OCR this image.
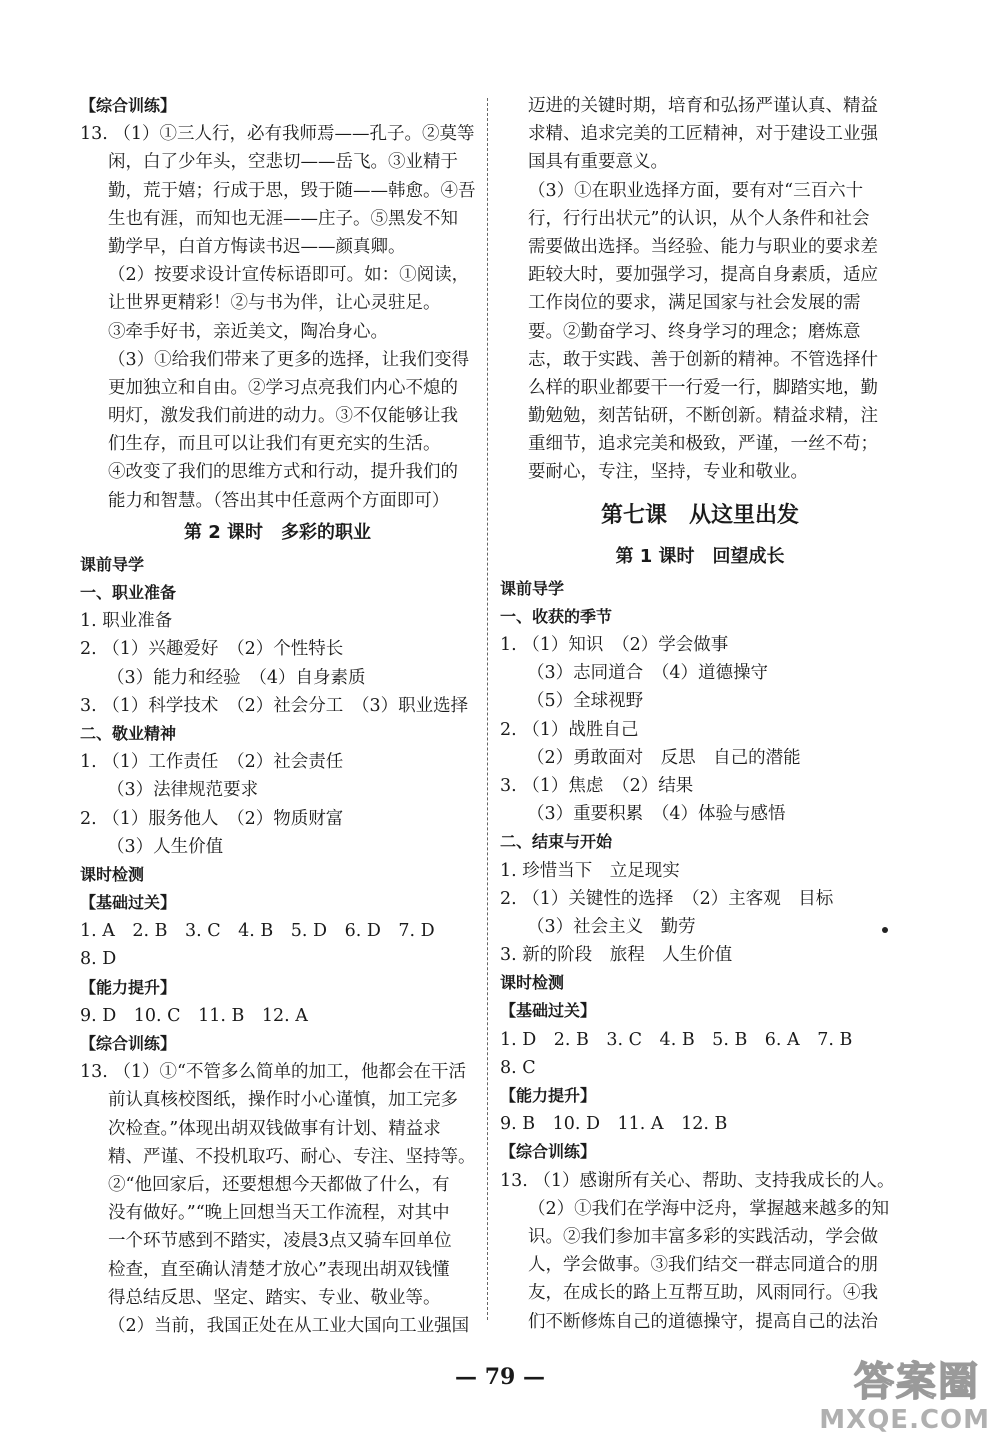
【综合训练】
13. （1）①三人行，必有我师焉——孔子。②莫等
闲，白了少年头，空悲切——岳飞。③业精于
勤，荒于嬉；行成于思，毁于随——韩愈。④吾
生也有涯，而知也无涯——庄子。⑤黑发不知
勤学早，白首方悔读书迟——颜真卿。
（2）按要求设计宣传标语即可。如：①阅读，
让世界更精彩！②与书为伴，让心灵驻足。
③牵手好书，亲近美文，陶冶身心。
（3）①给我们带来了更多的选择，让我们变得
更加独立和自由。②学习点亮我们内心不熄的
明灯，激发我们前进的动力。③不仅能够让我
们生存，而且可以让我们有更充实的生活。
④改变了我们的思维方式和行动，提升我们的
能力和智慧。（答出其中任意两个方面即可）
第 2 课时　多彩的职业
课前导学
一、职业准备
1. 职业准备
2. （1）兴趣爱好　（2）个性特长
（3）能力和经验　（4）自身素质
3. （1）科学技术　（2）社会分工　（3）职业选择
二、敬业精神
1. （1）工作责任　（2）社会责任
（3）法律规范要求
2. （1）服务他人　（2）物质财富
（3）人生价值
课时检测
【基础过关】
1. A　2. B　3. C　4. B　5. D　6. D　7. D
8. D
【能力提升】
9. D　10. C　11. B　12. A
【综合训练】
13. （1）①“不管多么简单的加工，他都会在干活
前认真核校图纸，操作时小心谨慎，加工完多
次检查。”体现出胡双钱做事有计划、精益求
精、严谨、不投机取巧、耐心、专注、坚持等。
②“他回家后，还要想想今天都做了什么，有
没有做好。”“晚上回想当天工作流程，对其中
一个环节感到不踏实，凌晨3点又骑车回单位
检查，直至确认清楚才放心”表现出胡双钱懂
得总结反思、坚定、踏实、专业、敬业等。
（2）当前，我国正处在从工业大国向工业强国
迈进的关键时期，培育和弘扬严谨认真、精益
求精、追求完美的工匠精神，对于建设工业强
国具有重要意义。
（3）①在职业选择方面，要有对“三百六十
行，行行出状元”的认识，从个人条件和社会
需要做出选择。当经验、能力与职业的要求差
距较大时，要加强学习，提高自身素质，适应
工作岗位的要求，满足国家与社会发展的需
要。②勤奋学习、终身学习的理念；磨炼意
志，敢于实践、善于创新的精神。不管选择什
么样的职业都要干一行爱一行，脚踏实地，勤
勤勉勉，刻苦钻研，不断创新。精益求精，注
重细节，追求完美和极致，严谨，一丝不苟；
要耐心，专注，坚持，专业和敬业。
第七课　从这里出发
第 1 课时　回望成长
课前导学
一、收获的季节
1. （1）知识　（2）学会做事
（3）志同道合　（4）道德操守
（5）全球视野
2. （1）战胜自己
（2）勇敢面对　反思　自己的潜能
3. （1）焦虑　（2）结果
（3）重要积累　（4）体验与感悟
二、结束与开始
1. 珍惜当下　立足现实
2. （1）关键性的选择　（2）主客观　目标
（3）社会主义　勤劳
3. 新的阶段　旅程　人生价值
课时检测
【基础过关】
1. D　2. B　3. C　4. B　5. B　6. A　7. B
8. C
【能力提升】
9. B　10. D　11. A　12. B
【综合训练】
13. （1）感谢所有关心、帮助、支持我成长的人。
（2）①我们在学海中泛舟，掌握越来越多的知
识。②我们参加丰富多彩的实践活动，学会做
人，学会做事。③我们结交一群志同道合的朋
友，在成长的路上互帮互助，风雨同行。④我
们不断修炼自己的道德操守，提高自己的法治
— 79 —	答案圈
MXQE.COM
